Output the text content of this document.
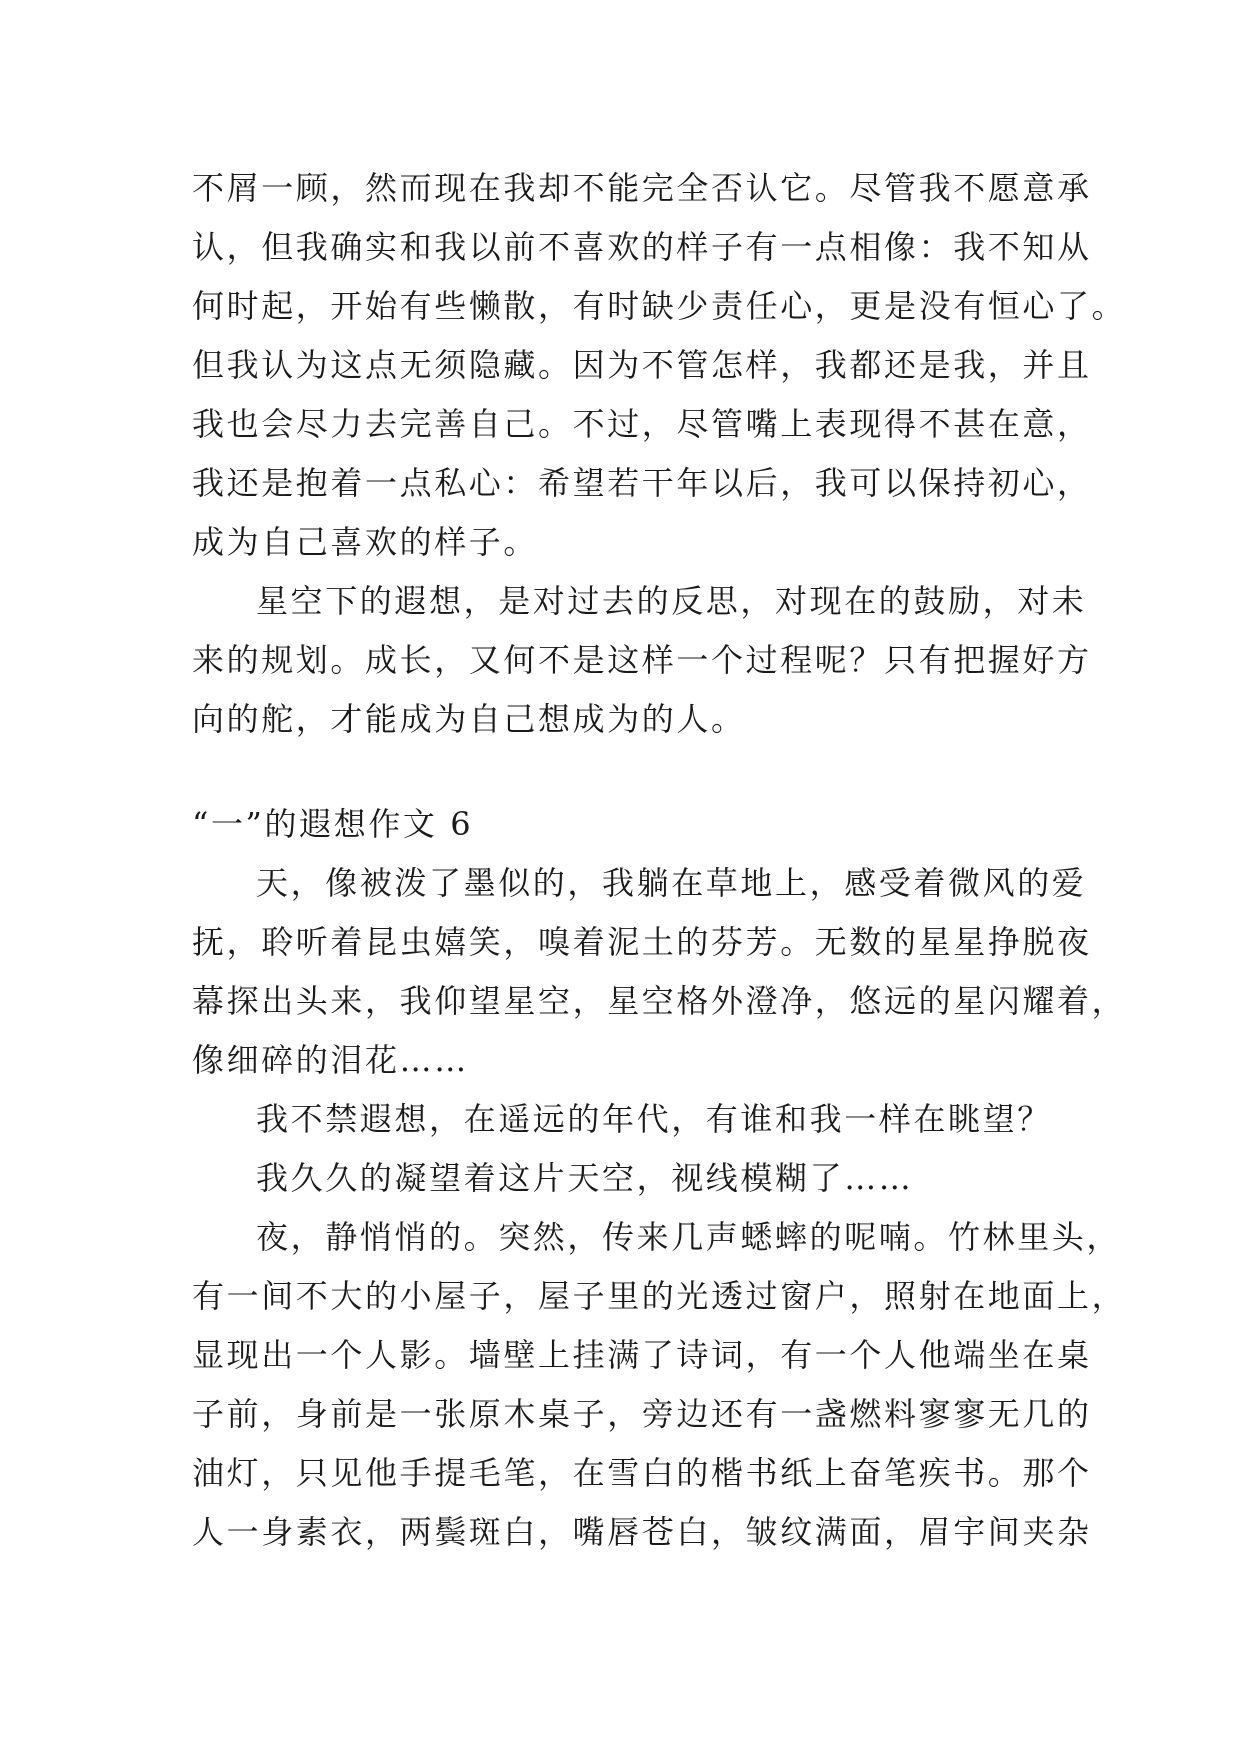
不屑一顾，然而现在我却不能完全否认它。尽管我不愿意承
认，但我确实和我以前不喜欢的样子有一点相像：我不知从
何时起，开始有些懒散，有时缺少责任心，更是没有恒心了。
但我认为这点无须隐藏。因为不管怎样，我都还是我，并且
我也会尽力去完善自己。不过，尽管嘴上表现得不甚在意，
我还是抱着一点私心：希望若干年以后，我可以保持初心，
成为自己喜欢的样子。
星空下的遐想，是对过去的反思，对现在的鼓励，对未
来的规划。成长，又何不是这样一个过程呢？只有把握好方
向的舵，才能成为自己想成为的人。
“一”的遐想作文 6
天，像被泼了墨似的，我躺在草地上，感受着微风的爱
抚，聆听着昆虫嬉笑，嗅着泥土的芬芳。无数的星星挣脱夜
幕探出头来，我仰望星空，星空格外澄净，悠远的星闪耀着，
像细碎的泪花……
我不禁遐想，在遥远的年代，有谁和我一样在眺望？
我久久的凝望着这片天空，视线模糊了……
夜，静悄悄的。突然，传来几声蟋蟀的呢喃。竹林里头，
有一间不大的小屋子，屋子里的光透过窗户，照射在地面上，
显现出一个人影。墙壁上挂满了诗词，有一个人他端坐在桌
子前，身前是一张原木桌子，旁边还有一盏燃料寥寥无几的
油灯，只见他手提毛笔，在雪白的楷书纸上奋笔疾书。那个
人一身素衣，两鬓斑白，嘴唇苍白，皱纹满面，眉宇间夹杂
